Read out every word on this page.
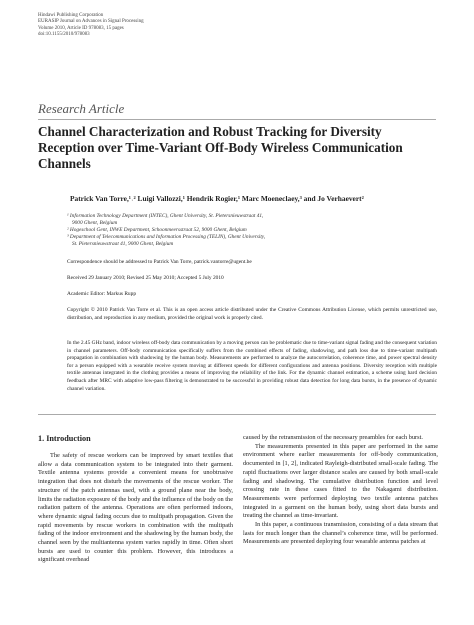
Hindawi Publishing Corporation
EURASIP Journal on Advances in Signal Processing
Volume 2010, Article ID 978083, 15 pages
doi:10.1155/2010/978083
Research Article
Channel Characterization and Robust Tracking for Diversity Reception over Time-Variant Off-Body Wireless Communication Channels
Patrick Van Torre,¹˒² Luigi Vallozzi,¹ Hendrik Rogier,¹ Marc Moeneclaey,³ and Jo Verhaevert²
¹ Information Technology Department (INTEC), Ghent University, St. Pietersnieuwstraat 41,
9000 Ghent, Belgium
² Hogeschool Gent, INWE Department, Schoonmeersstraat 52, 9000 Ghent, Belgium
³ Department of Telecommunications and Information Processing (TELIN), Ghent University,
St. Pietersnieuwstraat 41, 9000 Ghent, Belgium
Correspondence should be addressed to Patrick Van Torre, patrick.vantorre@ugent.be
Received 29 January 2010; Revised 25 May 2010; Accepted 5 July 2010
Academic Editor: Markus Rupp
Copyright © 2010 Patrick Van Torre et al. This is an open access article distributed under the Creative Commons Attribution License, which permits unrestricted use, distribution, and reproduction in any medium, provided the original work is properly cited.
In the 2.45 GHz band, indoor wireless off-body data communication by a moving person can be problematic due to time-variant signal fading and the consequent variation in channel parameters. Off-body communication specifically suffers from the combined effects of fading, shadowing, and path loss due to time-variant multipath propagation in combination with shadowing by the human body. Measurements are performed to analyze the autocorrelation, coherence time, and power spectral density for a person equipped with a wearable receive system moving at different speeds for different configurations and antenna positions. Diversity reception with multiple textile antennas integrated in the clothing provides a means of improving the reliability of the link. For the dynamic channel estimation, a scheme using hard decision feedback after MRC with adaptive low-pass filtering is demonstrated to be successful in providing robust data detection for long data bursts, in the presence of dynamic channel variation.
1. Introduction

The safety of rescue workers can be improved by smart textiles that allow a data communication system to be integrated into their garment. Textile antenna systems provide a convenient means for unobtrusive integration that does not disturb the movements of the rescue worker. The structure of the patch antennas used, with a ground plane near the body, limits the radiation exposure of the body and the influence of the body on the radiation pattern of the antenna. Operations are often performed indoors, where dynamic signal fading occurs due to multipath propagation. Given the rapid movements by rescue workers in combination with the multipath fading of the indoor environment and the shadowing by the human body, the channel seen by the multiantenna system varies rapidly in time. Often short bursts are used to counter this problem. However, this introduces a significant overhead

caused by the retransmission of the necessary preambles for each burst.

The measurements presented in this paper are performed in the same environment where earlier measurements for off-body communication, documented in [1, 2], indicated Rayleigh-distributed small-scale fading. The rapid fluctuations over larger distance scales are caused by both small-scale fading and shadowing. The cumulative distribution function and level crossing rate in these cases fitted to the Nakagami distribution. Measurements were performed deploying two textile antenna patches integrated in a garment on the human body, using short data bursts and treating the channel as time-invariant.

In this paper, a continuous transmission, consisting of a data stream that lasts for much longer than the channel’s coherence time, will be performed. Measurements are presented deploying four wearable antenna patches at
